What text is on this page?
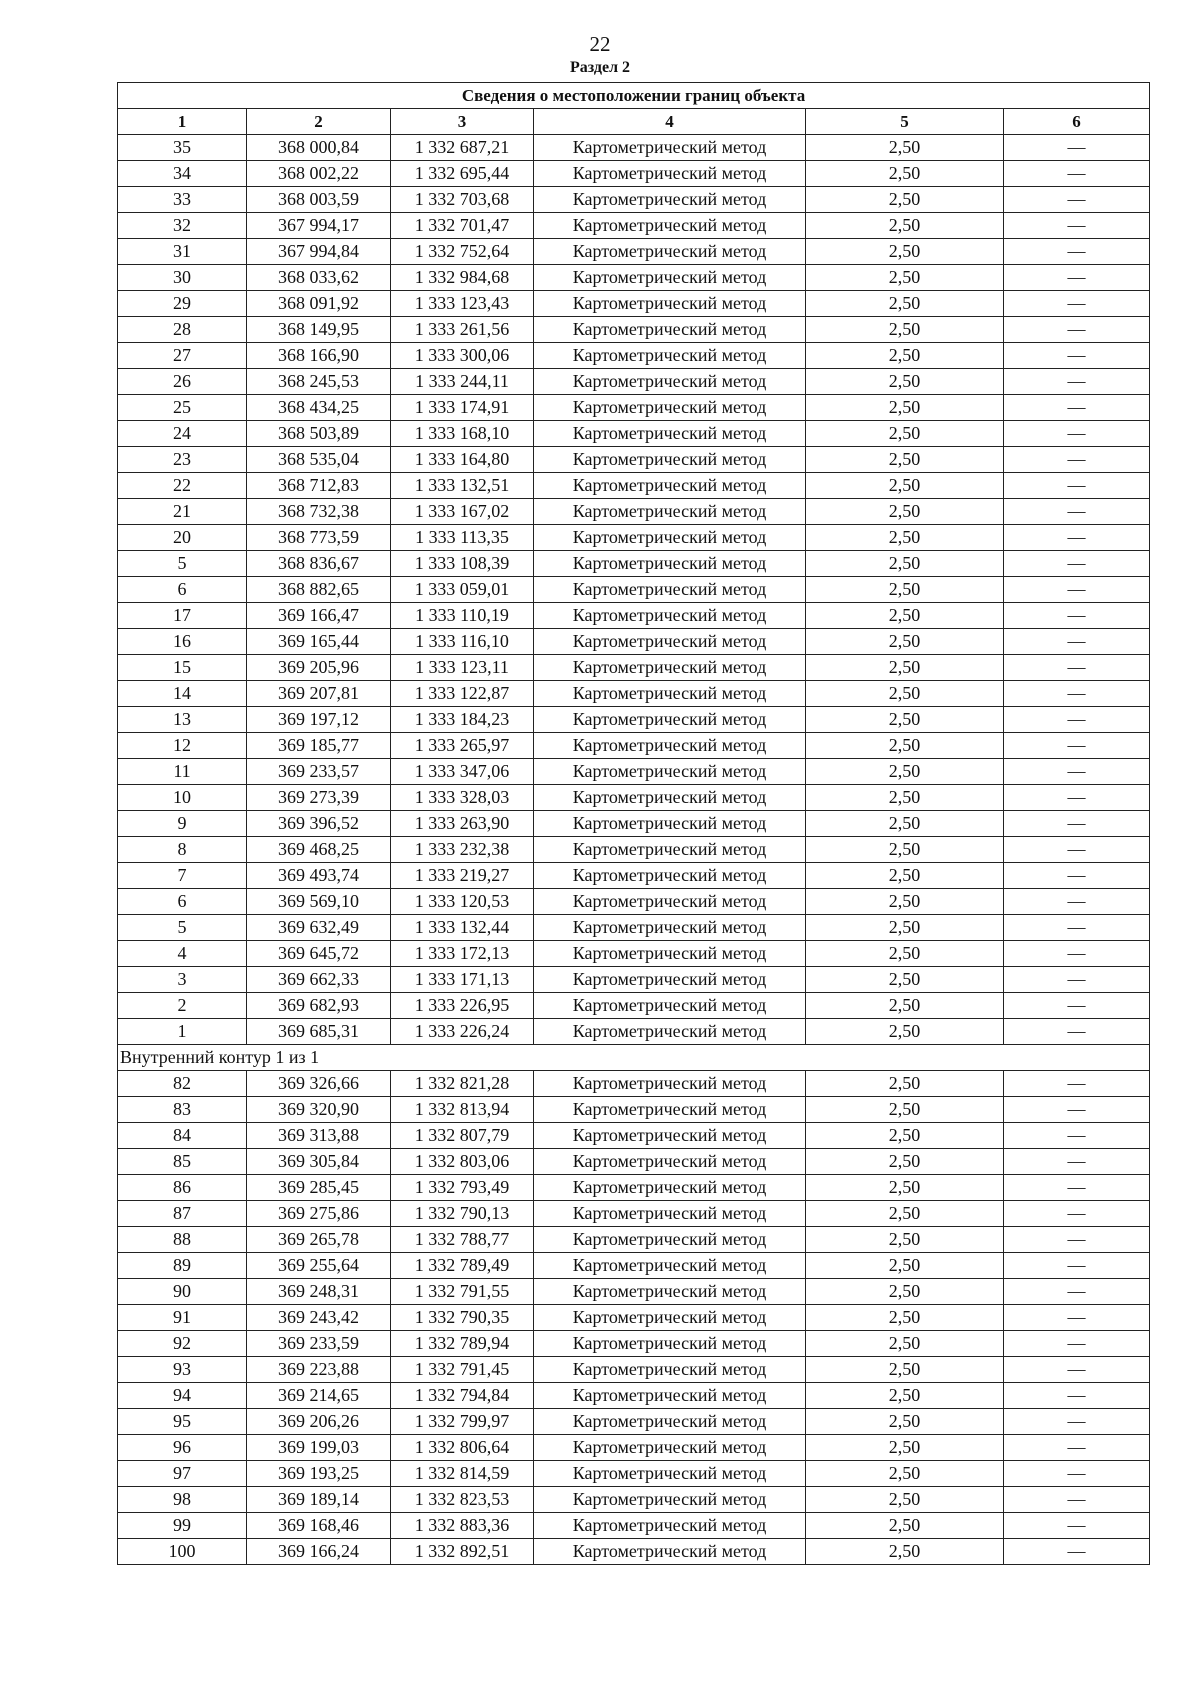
22
Раздел 2
Сведения о местоположении границ объекта					
1	2	3	4	5	6
35	368 000,84	1 332 687,21	Картометрический метод	2,50	—
34	368 002,22	1 332 695,44	Картометрический метод	2,50	—
33	368 003,59	1 332 703,68	Картометрический метод	2,50	—
32	367 994,17	1 332 701,47	Картометрический метод	2,50	—
31	367 994,84	1 332 752,64	Картометрический метод	2,50	—
30	368 033,62	1 332 984,68	Картометрический метод	2,50	—
29	368 091,92	1 333 123,43	Картометрический метод	2,50	—
28	368 149,95	1 333 261,56	Картометрический метод	2,50	—
27	368 166,90	1 333 300,06	Картометрический метод	2,50	—
26	368 245,53	1 333 244,11	Картометрический метод	2,50	—
25	368 434,25	1 333 174,91	Картометрический метод	2,50	—
24	368 503,89	1 333 168,10	Картометрический метод	2,50	—
23	368 535,04	1 333 164,80	Картометрический метод	2,50	—
22	368 712,83	1 333 132,51	Картометрический метод	2,50	—
21	368 732,38	1 333 167,02	Картометрический метод	2,50	—
20	368 773,59	1 333 113,35	Картометрический метод	2,50	—
5	368 836,67	1 333 108,39	Картометрический метод	2,50	—
6	368 882,65	1 333 059,01	Картометрический метод	2,50	—
17	369 166,47	1 333 110,19	Картометрический метод	2,50	—
16	369 165,44	1 333 116,10	Картометрический метод	2,50	—
15	369 205,96	1 333 123,11	Картометрический метод	2,50	—
14	369 207,81	1 333 122,87	Картометрический метод	2,50	—
13	369 197,12	1 333 184,23	Картометрический метод	2,50	—
12	369 185,77	1 333 265,97	Картометрический метод	2,50	—
11	369 233,57	1 333 347,06	Картометрический метод	2,50	—
10	369 273,39	1 333 328,03	Картометрический метод	2,50	—
9	369 396,52	1 333 263,90	Картометрический метод	2,50	—
8	369 468,25	1 333 232,38	Картометрический метод	2,50	—
7	369 493,74	1 333 219,27	Картометрический метод	2,50	—
6	369 569,10	1 333 120,53	Картометрический метод	2,50	—
5	369 632,49	1 333 132,44	Картометрический метод	2,50	—
4	369 645,72	1 333 172,13	Картометрический метод	2,50	—
3	369 662,33	1 333 171,13	Картометрический метод	2,50	—
2	369 682,93	1 333 226,95	Картометрический метод	2,50	—
1	369 685,31	1 333 226,24	Картометрический метод	2,50	—
Внутренний контур 1 из 1					
82	369 326,66	1 332 821,28	Картометрический метод	2,50	—
83	369 320,90	1 332 813,94	Картометрический метод	2,50	—
84	369 313,88	1 332 807,79	Картометрический метод	2,50	—
85	369 305,84	1 332 803,06	Картометрический метод	2,50	—
86	369 285,45	1 332 793,49	Картометрический метод	2,50	—
87	369 275,86	1 332 790,13	Картометрический метод	2,50	—
88	369 265,78	1 332 788,77	Картометрический метод	2,50	—
89	369 255,64	1 332 789,49	Картометрический метод	2,50	—
90	369 248,31	1 332 791,55	Картометрический метод	2,50	—
91	369 243,42	1 332 790,35	Картометрический метод	2,50	—
92	369 233,59	1 332 789,94	Картометрический метод	2,50	—
93	369 223,88	1 332 791,45	Картометрический метод	2,50	—
94	369 214,65	1 332 794,84	Картометрический метод	2,50	—
95	369 206,26	1 332 799,97	Картометрический метод	2,50	—
96	369 199,03	1 332 806,64	Картометрический метод	2,50	—
97	369 193,25	1 332 814,59	Картометрический метод	2,50	—
98	369 189,14	1 332 823,53	Картометрический метод	2,50	—
99	369 168,46	1 332 883,36	Картометрический метод	2,50	—
100	369 166,24	1 332 892,51	Картометрический метод	2,50	—
